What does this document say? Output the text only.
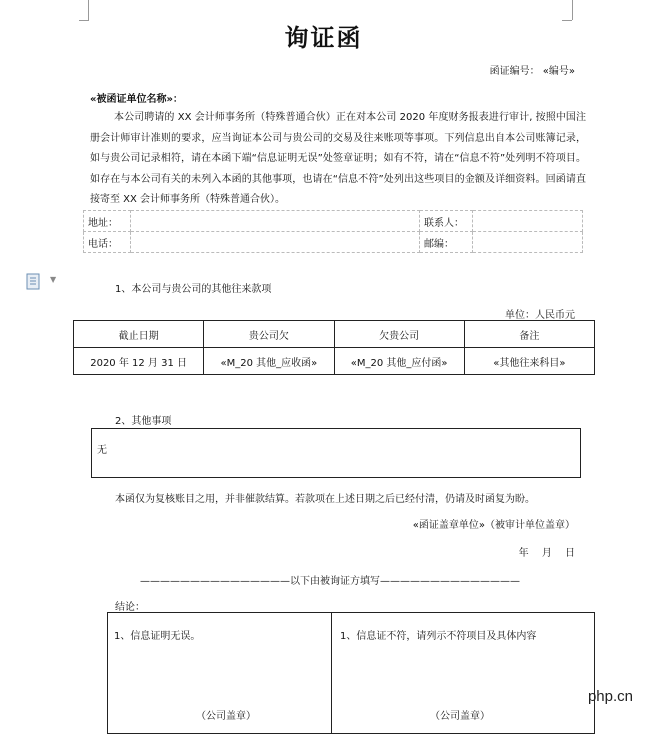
询证函
函证编号： «编号»
«被函证单位名称»：
本公司聘请的 XX 会计师事务所（特殊普通合伙）正在对本公司 2020 年度财务报表进行审计, 按照中国注册会计师审计准则的要求，应当询证本公司与贵公司的交易及往来账项等事项。下列信息出自本公司账簿记录，如与贵公司记录相符，请在本函下端“信息证明无误”处签章证明；如有不符，请在“信息不符”处列明不符项目。如存在与本公司有关的未列入本函的其他事项，也请在“信息不符”处列出这些项目的金额及详细资料。回函请直接寄至 XX 会计师事务所（特殊普通合伙）。
地址：		联系人：	
电话：		邮编：	
▼
1、本公司与贵公司的其他往来款项
单位：人民币元
截止日期	贵公司欠	欠贵公司	备注
2020 年 12 月 31 日	«M_20 其他_应收函»	«M_20 其他_应付函»	«其他往来科目»
2、其他事项
无
本函仅为复核账目之用，并非催款结算。若款项在上述日期之后已经付清，仍请及时函复为盼。
«函证盖章单位»（被审计单位盖章）
年 月 日
———————————————以下由被询证方填写——————————————
结论：
1、信息证明无误。	1、信息证不符，请列示不符项目及具体内容
（公司盖章）	（公司盖章）
php.cn
